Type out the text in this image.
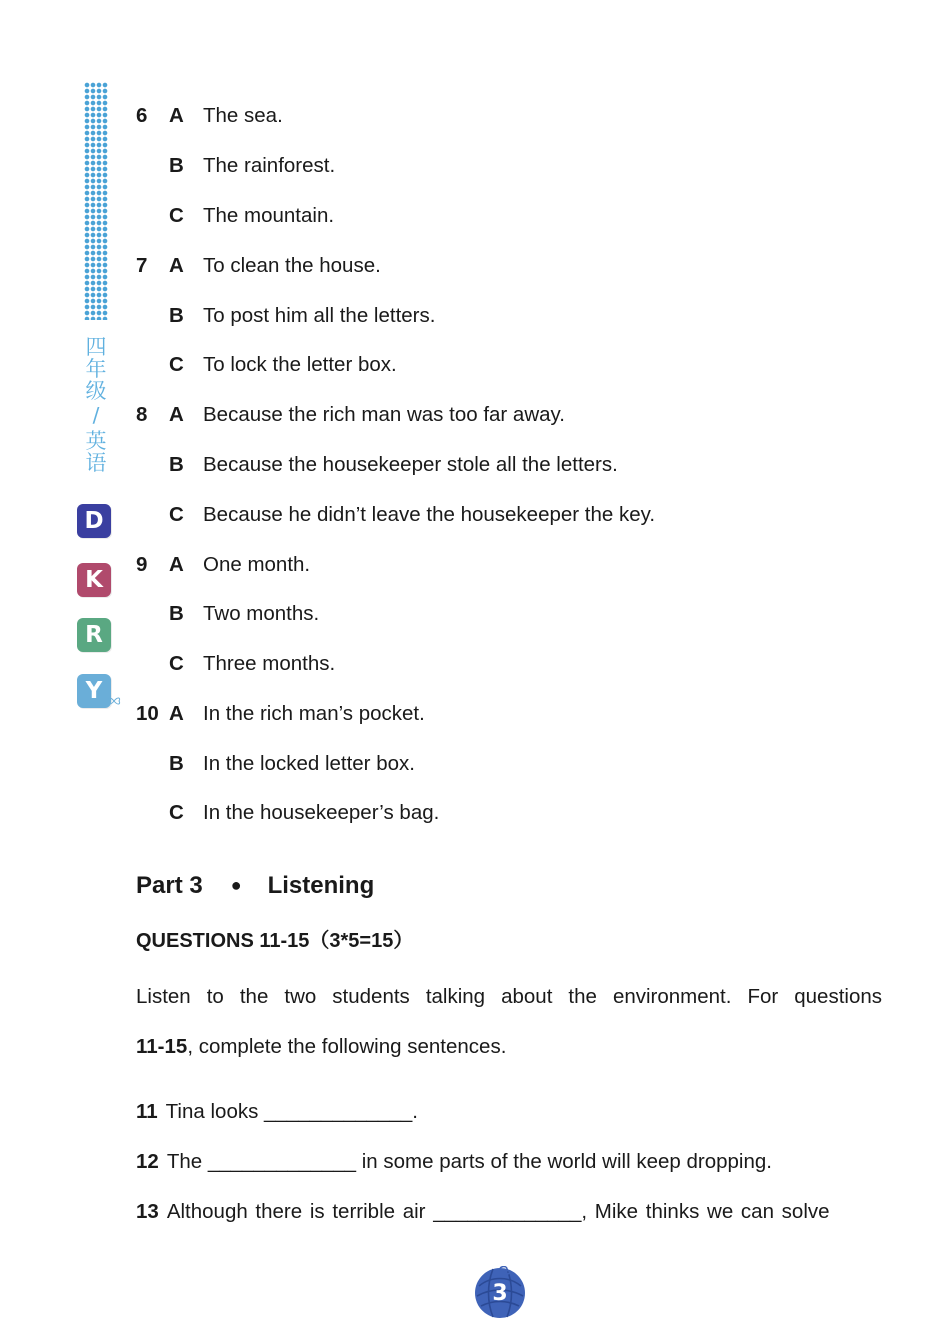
四
年
级
/
英
语
D
K
R
Y
6 A The sea.
B The rainforest.
C The mountain.
7 A To clean the house.
B To post him all the letters.
C To lock the letter box.
8 A Because the rich man was too far away.
B Because the housekeeper stole all the letters.
C Because he didn’t leave the housekeeper the key.
9 A One month.
B Two months.
C Three months.
10 A In the rich man’s pocket.
B In the locked letter box.
C In the housekeeper’s bag.
Part 3 ● Listening
QUESTIONS 11-15（3*5=15）
Listen to the two students talking about the environment. For questions
11-15, complete the following sentences.
11 Tina looks _____________.
12 The _____________ in some parts of the world will keep dropping.
13 Although there is terrible air _____________, Mike thinks we can solve
3
